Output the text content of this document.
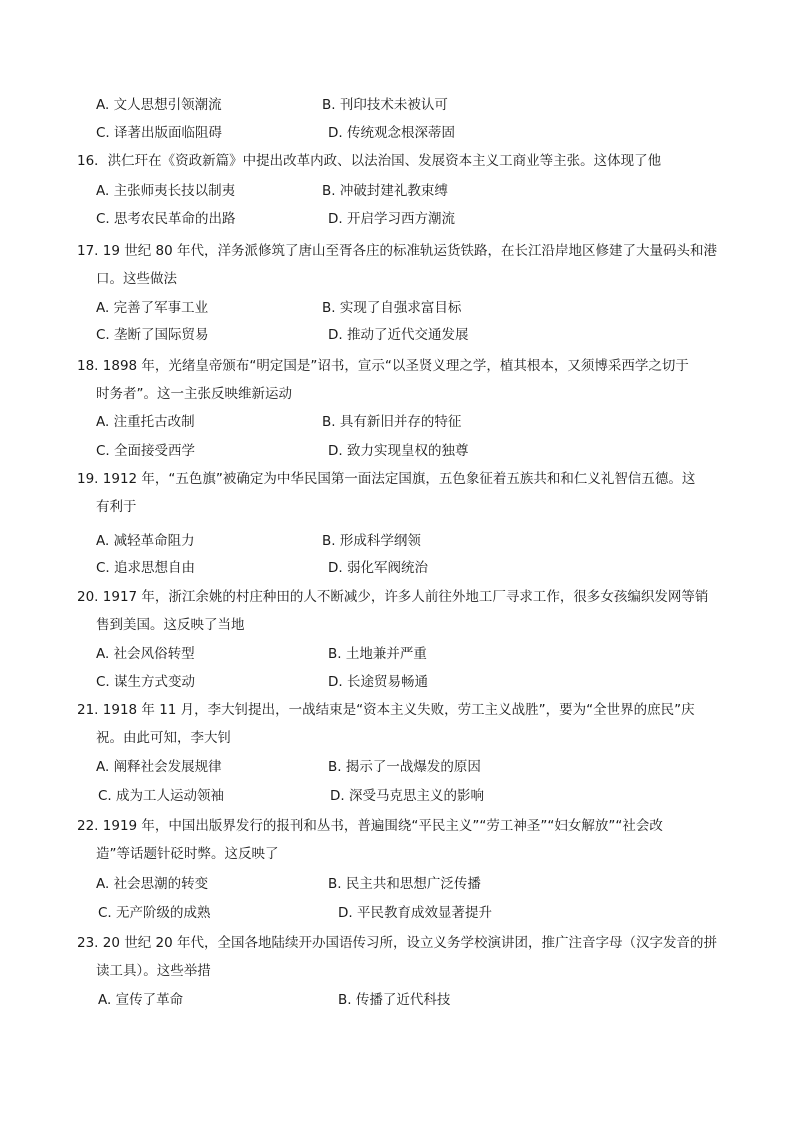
A. 文人思想引领潮流	B. 刊印技术未被认可
C. 译著出版面临阻碍	D. 传统观念根深蒂固
16．洪仁玕在《资政新篇》中提出改革内政、以法治国、发展资本主义工商业等主张。这体现了他
A. 主张师夷长技以制夷	B. 冲破封建礼教束缚
C. 思考农民革命的出路	D. 开启学习西方潮流
17. 19 世纪 80 年代，洋务派修筑了唐山至胥各庄的标准轨运货铁路，在长江沿岸地区修建了大量码头和港
口。这些做法
A. 完善了军事工业	B. 实现了自强求富目标
C. 垄断了国际贸易	D. 推动了近代交通发展
18. 1898 年，光绪皇帝颁布“明定国是”诏书，宣示“以圣贤义理之学，植其根本，又须博采西学之切于
时务者”。这一主张反映维新运动
A. 注重托古改制	B. 具有新旧并存的特征
C. 全面接受西学	D. 致力实现皇权的独尊
19. 1912 年，“五色旗”被确定为中华民国第一面法定国旗，五色象征着五族共和和仁义礼智信五德。这
有利于
A. 减轻革命阻力	B. 形成科学纲领
C. 追求思想自由	D. 弱化军阀统治
20. 1917 年，浙江余姚的村庄种田的人不断减少，许多人前往外地工厂寻求工作，很多女孩编织发网等销
售到美国。这反映了当地
A. 社会风俗转型	B. 土地兼并严重
C. 谋生方式变动	D. 长途贸易畅通
21. 1918 年 11 月，李大钊提出，一战结束是“资本主义失败，劳工主义战胜”，要为“全世界的庶民”庆
祝。由此可知，李大钊
A. 阐释社会发展规律	B. 揭示了一战爆发的原因
C. 成为工人运动领袖	D. 深受马克思主义的影响
22. 1919 年，中国出版界发行的报刊和丛书，普遍围绕“平民主义”“劳工神圣”“妇女解放”“社会改
造”等话题针砭时弊。这反映了
A. 社会思潮的转变	B. 民主共和思想广泛传播
C. 无产阶级的成熟	D. 平民教育成效显著提升
23. 20 世纪 20 年代，全国各地陆续开办国语传习所，设立义务学校演讲团，推广注音字母（汉字发音的拼
读工具）。这些举措
A. 宣传了革命	B. 传播了近代科技
